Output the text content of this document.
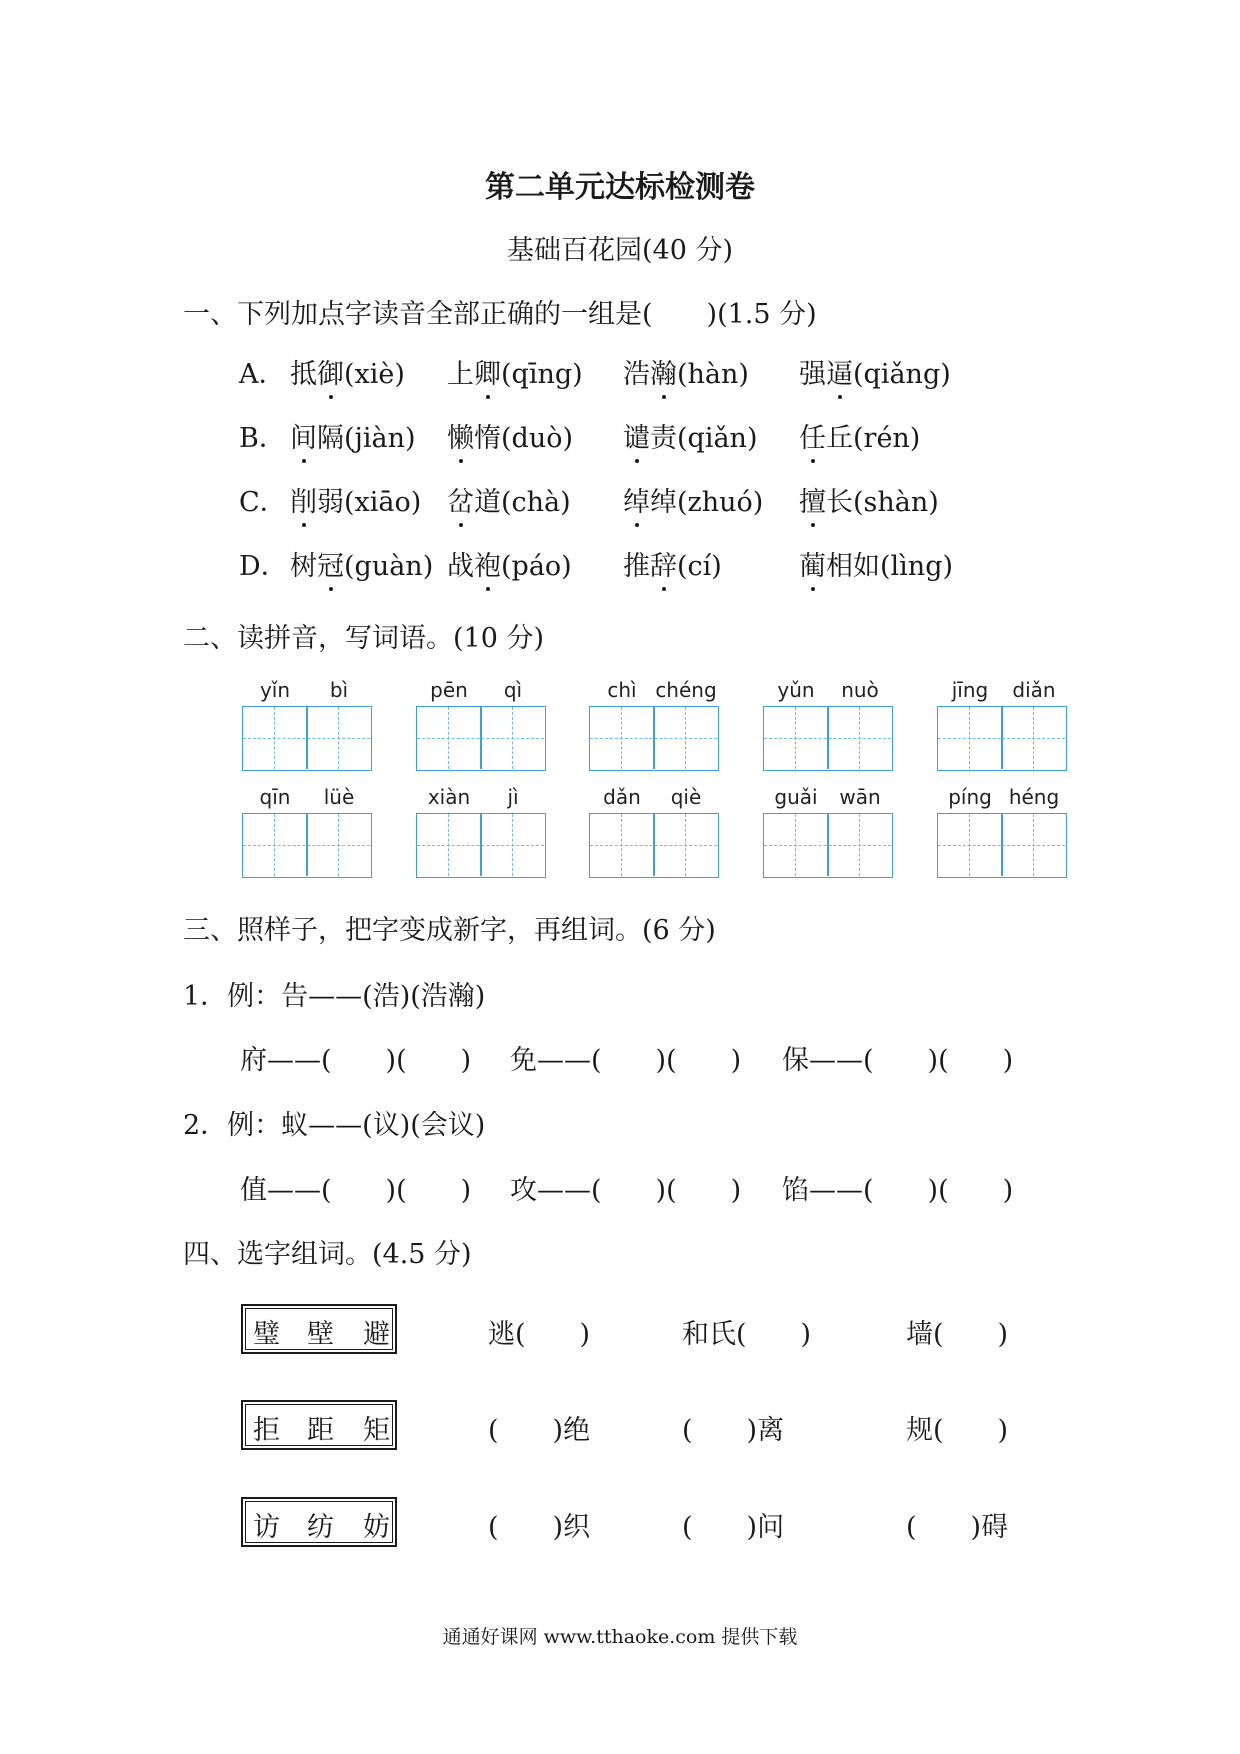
第二单元达标检测卷
基础百花园(40 分)
一、下列加点字读音全部正确的一组是(　　)(1.5 分)
A． 抵御(xiè) 上卿(qīng) 浩瀚(hàn) 强逼(qiǎng)
B． 间隔(jiàn) 懒惰(duò) 谴责(qiǎn) 任丘(rén)
C． 削弱(xiāo) 岔道(chà) 绰绰(zhuó) 擅长(shàn)
D． 树冠(guàn) 战袍(páo) 推辞(cí)	蔺相如(lìng)
二、读拼音，写词语。(10 分)
yǐn	bì	pēn	qì	chì chéng	yǔn	nuò	jīng	diǎn
qīn	lüè	xiàn	jì	dǎn	qiè	guǎi	wān	píng héng
三、照样子，把字变成新字，再组词。(6 分)
1．例：告——(浩)(浩瀚)
府——(　　)(　　) 免——(　　)(　　) 保——(　　)(　　)
2．例：蚁——(议)(会议)
值——(　　)(　　) 攻——(　　)(　　) 馅——(　　)(　　)
四、选字组词。(4.5 分)
璧 壁 避	逃(　　)	和氏(　　)	墙(　　)
拒 距 矩	(　　)绝	(　　)离	规(　　)
访 纺 妨	(　　)织	(　　)问	(　　)碍
通通好课网 www.tthaoke.com 提供下载
